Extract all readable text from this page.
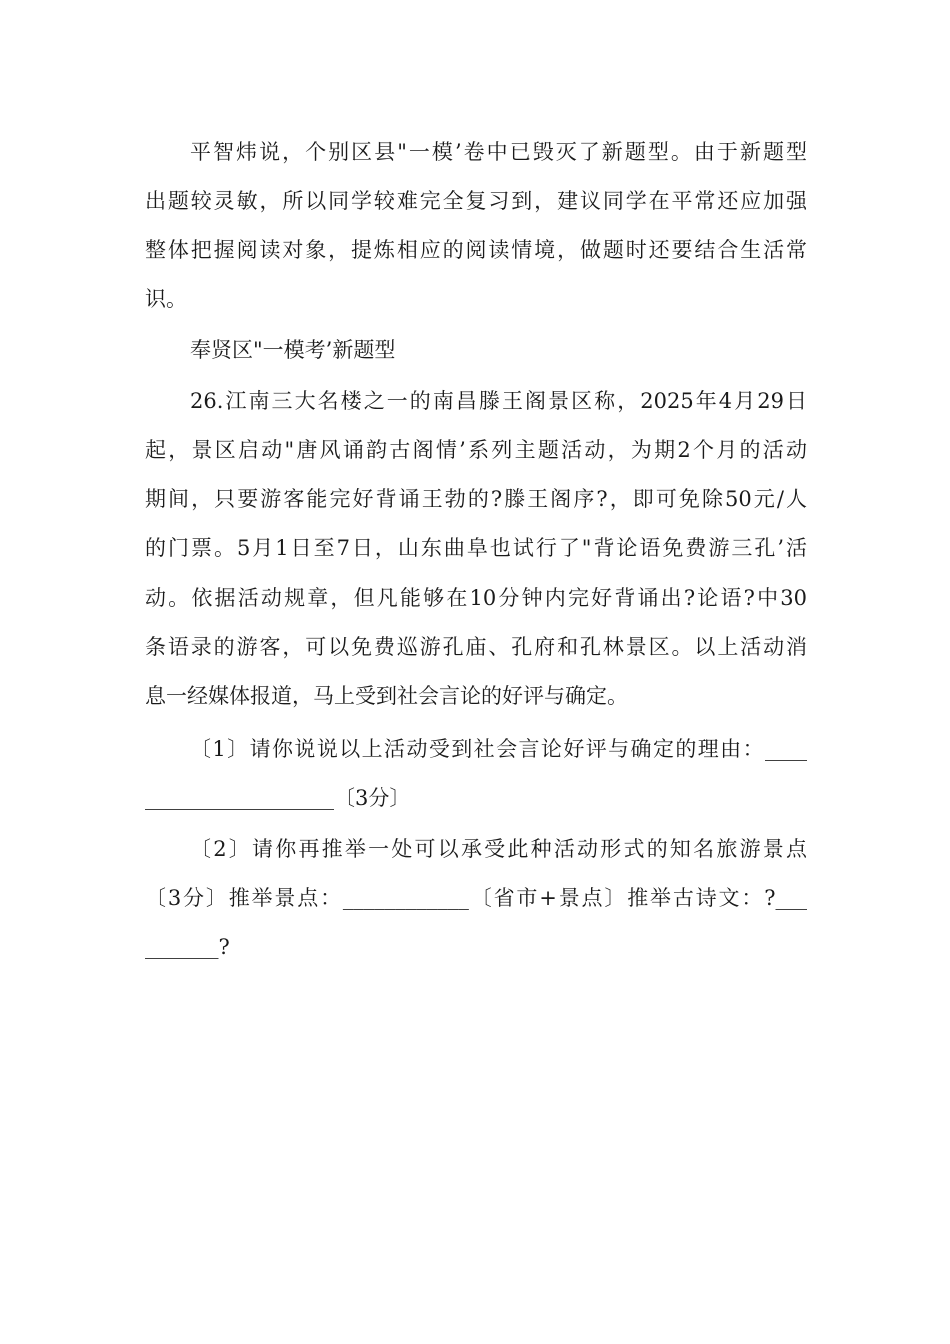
平智炜说，个别区县"一模’卷中已毁灭了新题型。由于新题型
出题较灵敏，所以同学较难完全复习到，建议同学在平常还应加强
整体把握阅读对象，提炼相应的阅读情境，做题时还要结合生活常
识。
奉贤区"一模考’新题型
26.江南三大名楼之一的南昌滕王阁景区称，2025年4月29日
起，景区启动"唐风诵韵古阁情’系列主题活动，为期2个月的活动
期间，只要游客能完好背诵王勃的?滕王阁序?，即可免除50元/人
的门票。5月1日至7日，山东曲阜也试行了"背论语免费游三孔’活
动。依据活动规章，但凡能够在10分钟内完好背诵出?论语?中30
条语录的游客，可以免费巡游孔庙、孔府和孔林景区。以上活动消
息一经媒体报道，马上受到社会言论的好评与确定。
〔1〕请你说说以上活动受到社会言论好评与确定的理由：____
__________________〔3分〕
〔2〕请你再推举一处可以承受此种活动形式的知名旅游景点
〔3分〕推举景点：____________〔省市+景点〕推举古诗文：?___
_______?
